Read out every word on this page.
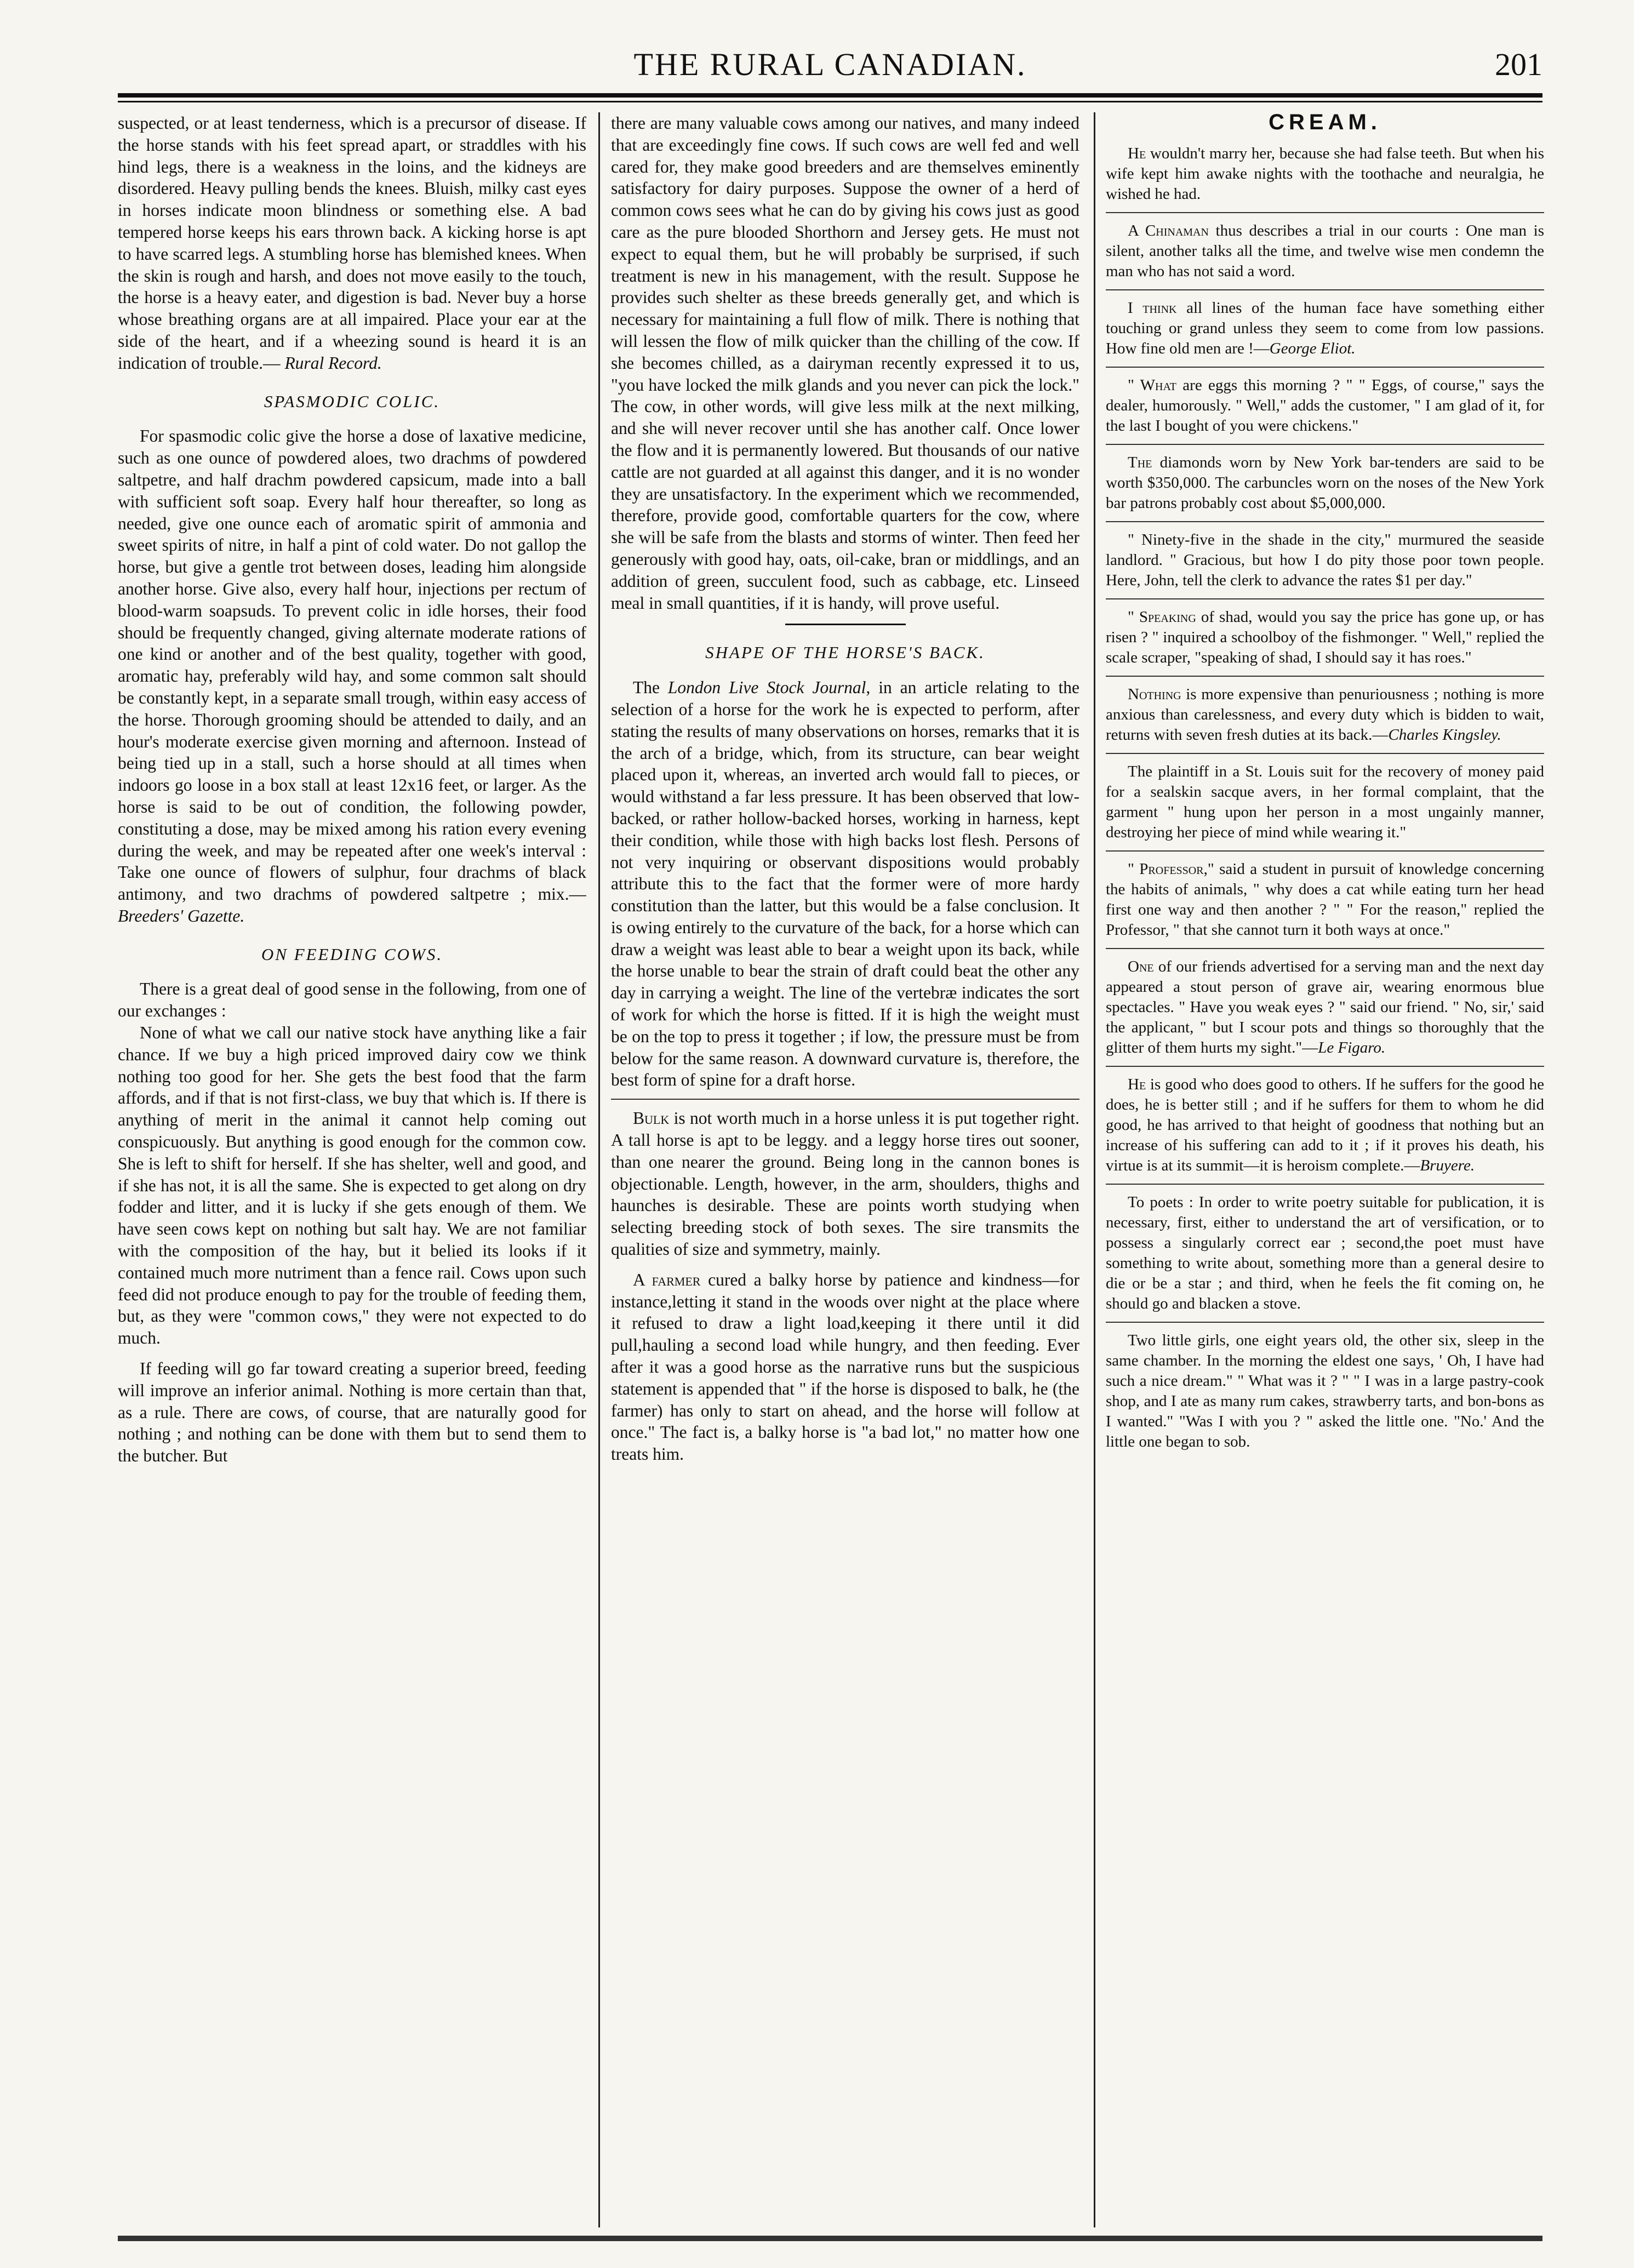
THE RURAL CANADIAN.	201

suspected, or at least tenderness, which is a precursor of disease. If the horse stands with his feet spread apart, or straddles with his hind legs, there is a weakness in the loins, and the kidneys are disordered. Heavy pulling bends the knees. Bluish, milky cast eyes in horses indicate moon blindness or something else. A bad tempered horse keeps his ears thrown back. A kicking horse is apt to have scarred legs. A stumbling horse has blemished knees. When the skin is rough and harsh, and does not move easily to the touch, the horse is a heavy eater, and digestion is bad. Never buy a horse whose breathing organs are at all impaired. Place your ear at the side of the heart, and if a wheezing sound is heard it is an indication of trouble.— Rural Record.

SPASMODIC COLIC.

For spasmodic colic give the horse a dose of laxative medicine, such as one ounce of powdered aloes, two drachms of powdered saltpetre, and half drachm powdered capsicum, made into a ball with sufficient soft soap. Every half hour thereafter, so long as needed, give one ounce each of aromatic spirit of ammonia and sweet spirits of nitre, in half a pint of cold water. Do not gallop the horse, but give a gentle trot between doses, leading him alongside another horse. Give also, every half hour, injections per rectum of blood-warm soapsuds. To prevent colic in idle horses, their food should be frequently changed, giving alternate moderate rations of one kind or another and of the best quality, together with good, aromatic hay, preferably wild hay, and some common salt should be constantly kept, in a separate small trough, within easy access of the horse. Thorough grooming should be attended to daily, and an hour's moderate exercise given morning and afternoon. Instead of being tied up in a stall, such a horse should at all times when indoors go loose in a box stall at least 12x16 feet, or larger. As the horse is said to be out of condition, the following powder, constituting a dose, may be mixed among his ration every evening during the week, and may be repeated after one week's interval : Take one ounce of flowers of sulphur, four drachms of black antimony, and two drachms of powdered saltpetre ; mix.— Breeders' Gazette.

ON FEEDING COWS.

There is a great deal of good sense in the following, from one of our exchanges :

None of what we call our native stock have anything like a fair chance. If we buy a high priced improved dairy cow we think nothing too good for her. She gets the best food that the farm affords, and if that is not first-class, we buy that which is. If there is anything of merit in the animal it cannot help coming out conspicuously. But anything is good enough for the common cow. She is left to shift for herself. If she has shelter, well and good, and if she has not, it is all the same. She is expected to get along on dry fodder and litter, and it is lucky if she gets enough of them. We have seen cows kept on nothing but salt hay. We are not familiar with the composition of the hay, but it belied its looks if it contained much more nutriment than a fence rail. Cows upon such feed did not produce enough to pay for the trouble of feeding them, but, as they were "common cows," they were not expected to do much.

If feeding will go far toward creating a superior breed, feeding will improve an inferior animal. Nothing is more certain than that, as a rule. There are cows, of course, that are naturally good for nothing ; and nothing can be done with them but to send them to the butcher. But

there are many valuable cows among our natives, and many indeed that are exceedingly fine cows. If such cows are well fed and well cared for, they make good breeders and are themselves eminently satisfactory for dairy purposes. Suppose the owner of a herd of common cows sees what he can do by giving his cows just as good care as the pure blooded Shorthorn and Jersey gets. He must not expect to equal them, but he will probably be surprised, if such treatment is new in his management, with the result. Suppose he provides such shelter as these breeds generally get, and which is necessary for maintaining a full flow of milk. There is nothing that will lessen the flow of milk quicker than the chilling of the cow. If she becomes chilled, as a dairyman recently expressed it to us, "you have locked the milk glands and you never can pick the lock." The cow, in other words, will give less milk at the next milking, and she will never recover until she has another calf. Once lower the flow and it is permanently lowered. But thousands of our native cattle are not guarded at all against this danger, and it is no wonder they are unsatisfactory. In the experiment which we recommended, therefore, provide good, comfortable quarters for the cow, where she will be safe from the blasts and storms of winter. Then feed her generously with good hay, oats, oil-cake, bran or middlings, and an addition of green, succulent food, such as cabbage, etc. Linseed meal in small quantities, if it is handy, will prove useful.

SHAPE OF THE HORSE'S BACK.

The London Live Stock Journal, in an article relating to the selection of a horse for the work he is expected to perform, after stating the results of many observations on horses, remarks that it is the arch of a bridge, which, from its structure, can bear weight placed upon it, whereas, an inverted arch would fall to pieces, or would withstand a far less pressure. It has been observed that low-backed, or rather hollow-backed horses, working in harness, kept their condition, while those with high backs lost flesh. Persons of not very inquiring or observant dispositions would probably attribute this to the fact that the former were of more hardy constitution than the latter, but this would be a false conclusion. It is owing entirely to the curvature of the back, for a horse which can draw a weight was least able to bear a weight upon its back, while the horse unable to bear the strain of draft could beat the other any day in carrying a weight. The line of the vertebræ indicates the sort of work for which the horse is fitted. If it is high the weight must be on the top to press it together ; if low, the pressure must be from below for the same reason. A downward curvature is, therefore, the best form of spine for a draft horse.

Bulk is not worth much in a horse unless it is put together right. A tall horse is apt to be leggy. and a leggy horse tires out sooner, than one nearer the ground. Being long in the cannon bones is objectionable. Length, however, in the arm, shoulders, thighs and haunches is desirable. These are points worth studying when selecting breeding stock of both sexes. The sire transmits the qualities of size and symmetry, mainly.

A farmer cured a balky horse by patience and kindness—for instance,letting it stand in the woods over night at the place where it refused to draw a light load,keeping it there until it did pull,hauling a second load while hungry, and then feeding. Ever after it was a good horse as the narrative runs but the suspicious statement is appended that " if the horse is disposed to balk, he (the farmer) has only to start on ahead, and the horse will follow at once." The fact is, a balky horse is "a bad lot," no matter how one treats him.

CREAM.

He wouldn't marry her, because she had false teeth. But when his wife kept him awake nights with the toothache and neuralgia, he wished he had.

A Chinaman thus describes a trial in our courts : One man is silent, another talks all the time, and twelve wise men condemn the man who has not said a word.

I think all lines of the human face have something either touching or grand unless they seem to come from low passions. How fine old men are !—George Eliot.

" What are eggs this morning ? " " Eggs, of course," says the dealer, humorously. " Well," adds the customer, " I am glad of it, for the last I bought of you were chickens."

The diamonds worn by New York bar-tenders are said to be worth $350,000. The carbuncles worn on the noses of the New York bar patrons probably cost about $5,000,000.

" Ninety-five in the shade in the city," murmured the seaside landlord. " Gracious, but how I do pity those poor town people. Here, John, tell the clerk to advance the rates $1 per day."

" Speaking of shad, would you say the price has gone up, or has risen ? " inquired a schoolboy of the fishmonger. " Well," replied the scale scraper, "speaking of shad, I should say it has roes."

Nothing is more expensive than penuriousness ; nothing is more anxious than carelessness, and every duty which is bidden to wait, returns with seven fresh duties at its back.—Charles Kingsley.

The plaintiff in a St. Louis suit for the recovery of money paid for a sealskin sacque avers, in her formal complaint, that the garment " hung upon her person in a most ungainly manner, destroying her piece of mind while wearing it."

" Professor," said a student in pursuit of knowledge concerning the habits of animals, " why does a cat while eating turn her head first one way and then another ? " " For the reason," replied the Professor, " that she cannot turn it both ways at once."

One of our friends advertised for a serving man and the next day appeared a stout person of grave air, wearing enormous blue spectacles. " Have you weak eyes ? " said our friend. " No, sir,' said the applicant, " but I scour pots and things so thoroughly that the glitter of them hurts my sight."—Le Figaro.

He is good who does good to others. If he suffers for the good he does, he is better still ; and if he suffers for them to whom he did good, he has arrived to that height of goodness that nothing but an increase of his suffering can add to it ; if it proves his death, his virtue is at its summit—it is heroism complete.—Bruyere.

To poets : In order to write poetry suitable for publication, it is necessary, first, either to understand the art of versification, or to possess a singularly correct ear ; second,the poet must have something to write about, something more than a general desire to die or be a star ; and third, when he feels the fit coming on, he should go and blacken a stove.

Two little girls, one eight years old, the other six, sleep in the same chamber. In the morning the eldest one says, ' Oh, I have had such a nice dream." " What was it ? " " I was in a large pastry-cook shop, and I ate as many rum cakes, strawberry tarts, and bon-bons as I wanted." "Was I with you ? " asked the little one. "No.' And the little one began to sob.
